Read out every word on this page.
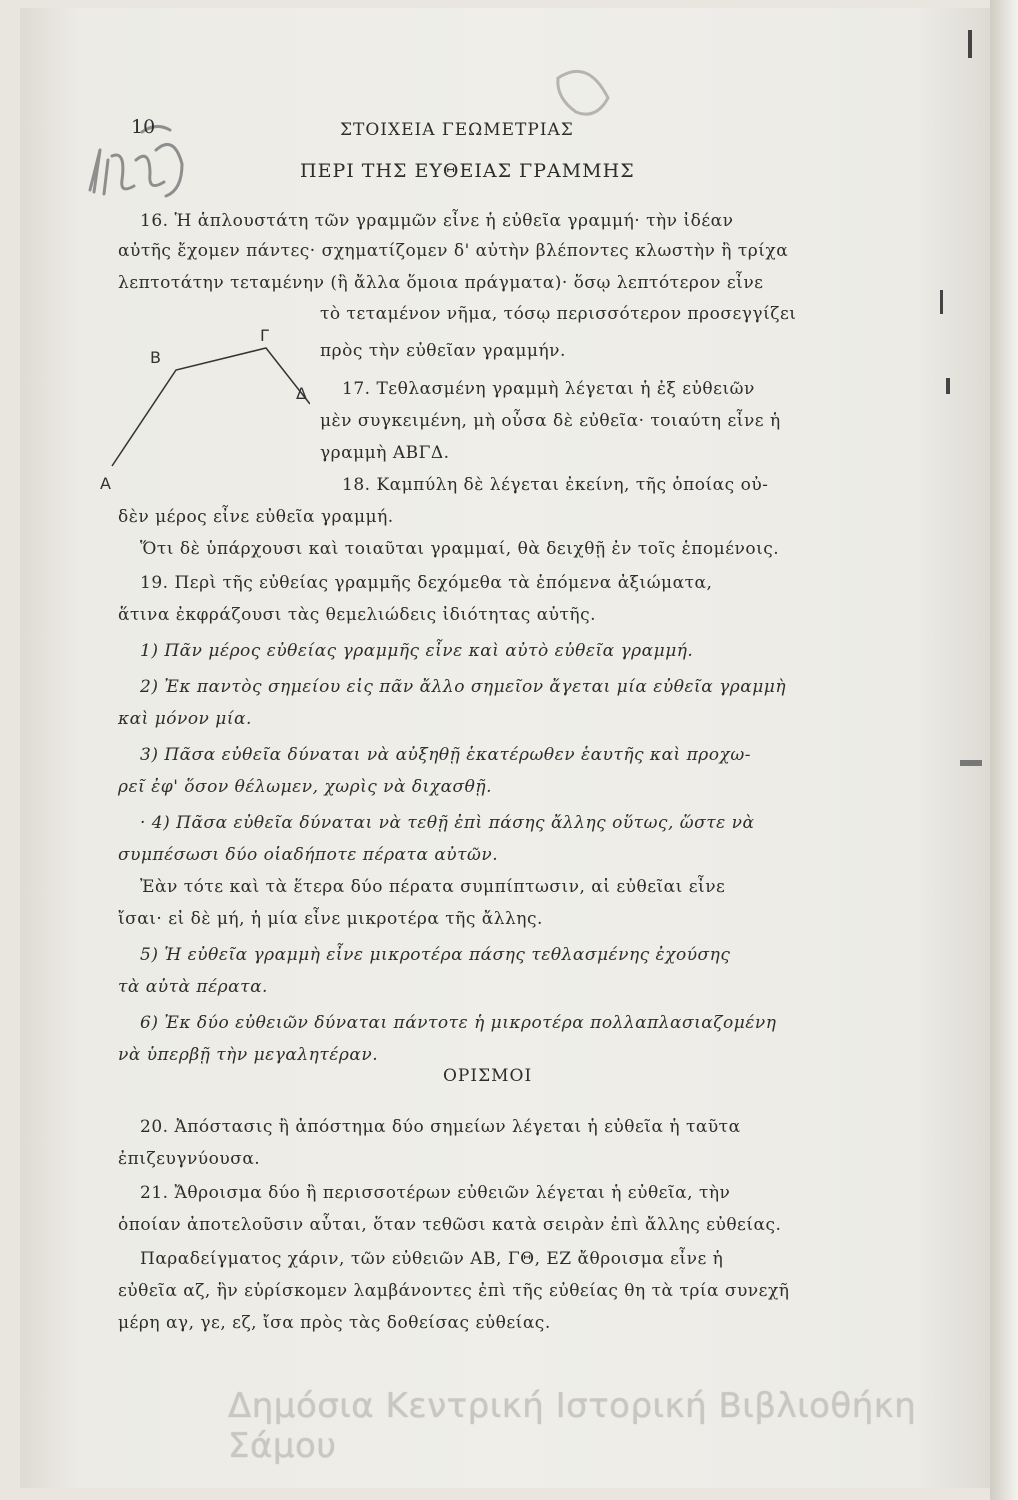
10	ΣΤΟΙΧΕΙΑ ΓΕΩΜΕΤΡΙΑΣ
ΠΕΡΙ ΤΗΣ ΕΥΘΕΙΑΣ ΓΡΑΜΜΗΣ
16. Ἡ ἁπλουστάτη τῶν γραμμῶν εἶνε ἡ εὐθεῖα γραμμή· τὴν ἰδέαν
αὐτῆς ἔχομεν πάντες· σχηματίζομεν δ' αὐτὴν βλέποντες κλωστὴν ἢ τρίχα
λεπτοτάτην τεταμένην (ἢ ἄλλα ὅμοια πράγματα)· ὅσῳ λεπτότερον εἶνε
τὸ τεταμένον νῆμα, τόσῳ περισσότερον προσεγγίζει
πρὸς τὴν εὐθεῖαν γραμμήν.
A
B
Γ
Δ 17. Τεθλασμένη γραμμὴ λέγεται ἡ ἐξ εὐθειῶν
μὲν συγκειμένη, μὴ οὖσα δὲ εὐθεῖα· τοιαύτη εἶνε ἡ
γραμμὴ ΑΒΓΔ.
18. Καμπύλη δὲ λέγεται ἐκείνη, τῆς ὁποίας οὐ-
δὲν μέρος εἶνε εὐθεῖα γραμμή.
Ὅτι δὲ ὑπάρχουσι καὶ τοιαῦται γραμμαί, θὰ δειχθῇ ἐν τοῖς ἑπομένοις.
19. Περὶ τῆς εὐθείας γραμμῆς δεχόμεθα τὰ ἑπόμενα ἀξιώματα,
ἅτινα ἐκφράζουσι τὰς θεμελιώδεις ἰδιότητας αὐτῆς.
1) Πᾶν μέρος εὐθείας γραμμῆς εἶνε καὶ αὐτὸ εὐθεῖα γραμμή.
2) Ἐκ παντὸς σημείου εἰς πᾶν ἄλλο σημεῖον ἄγεται μία εὐθεῖα γραμμὴ
καὶ μόνον μία.
3) Πᾶσα εὐθεῖα δύναται νὰ αὐξηθῇ ἑκατέρωθεν ἑαυτῆς καὶ προχω-
ρεῖ ἐφ' ὅσον θέλωμεν, χωρὶς νὰ διχασθῇ.
· 4) Πᾶσα εὐθεῖα δύναται νὰ τεθῇ ἐπὶ πάσης ἄλλης οὕτως, ὥστε νὰ
συμπέσωσι δύο οἱαδήποτε πέρατα αὐτῶν.
Ἐὰν τότε καὶ τὰ ἕτερα δύο πέρατα συμπίπτωσιν, αἱ εὐθεῖαι εἶνε
ἴσαι· εἰ δὲ μή, ἡ μία εἶνε μικροτέρα τῆς ἄλλης.
5) Ἡ εὐθεῖα γραμμὴ εἶνε μικροτέρα πάσης τεθλασμένης ἐχούσης
τὰ αὐτὰ πέρατα.
6) Ἐκ δύο εὐθειῶν δύναται πάντοτε ἡ μικροτέρα πολλαπλασιαζομένη
νὰ ὑπερβῇ τὴν μεγαλητέραν.
ΟΡΙΣΜΟΙ
20. Ἀπόστασις ἢ ἀπόστημα δύο σημείων λέγεται ἡ εὐθεῖα ἡ ταῦτα
ἐπιζευγνύουσα.
21. Ἄθροισμα δύο ἢ περισσοτέρων εὐθειῶν λέγεται ἡ εὐθεῖα, τὴν
ὁποίαν ἀποτελοῦσιν αὗται, ὅταν τεθῶσι κατὰ σειρὰν ἐπὶ ἄλλης εὐθείας.
Παραδείγματος χάριν, τῶν εὐθειῶν ΑΒ, ΓΘ, ΕΖ ἄθροισμα εἶνε ἡ
εὐθεῖα αζ, ἣν εὑρίσκομεν λαμβάνοντες ἐπὶ τῆς εὐθείας θη τὰ τρία συνεχῆ
μέρη αγ, γε, εζ, ἴσα πρὸς τὰς δοθείσας εὐθείας.
Δημόσια Κεντρική Ιστορική Βιβλιοθήκη Σάμου
